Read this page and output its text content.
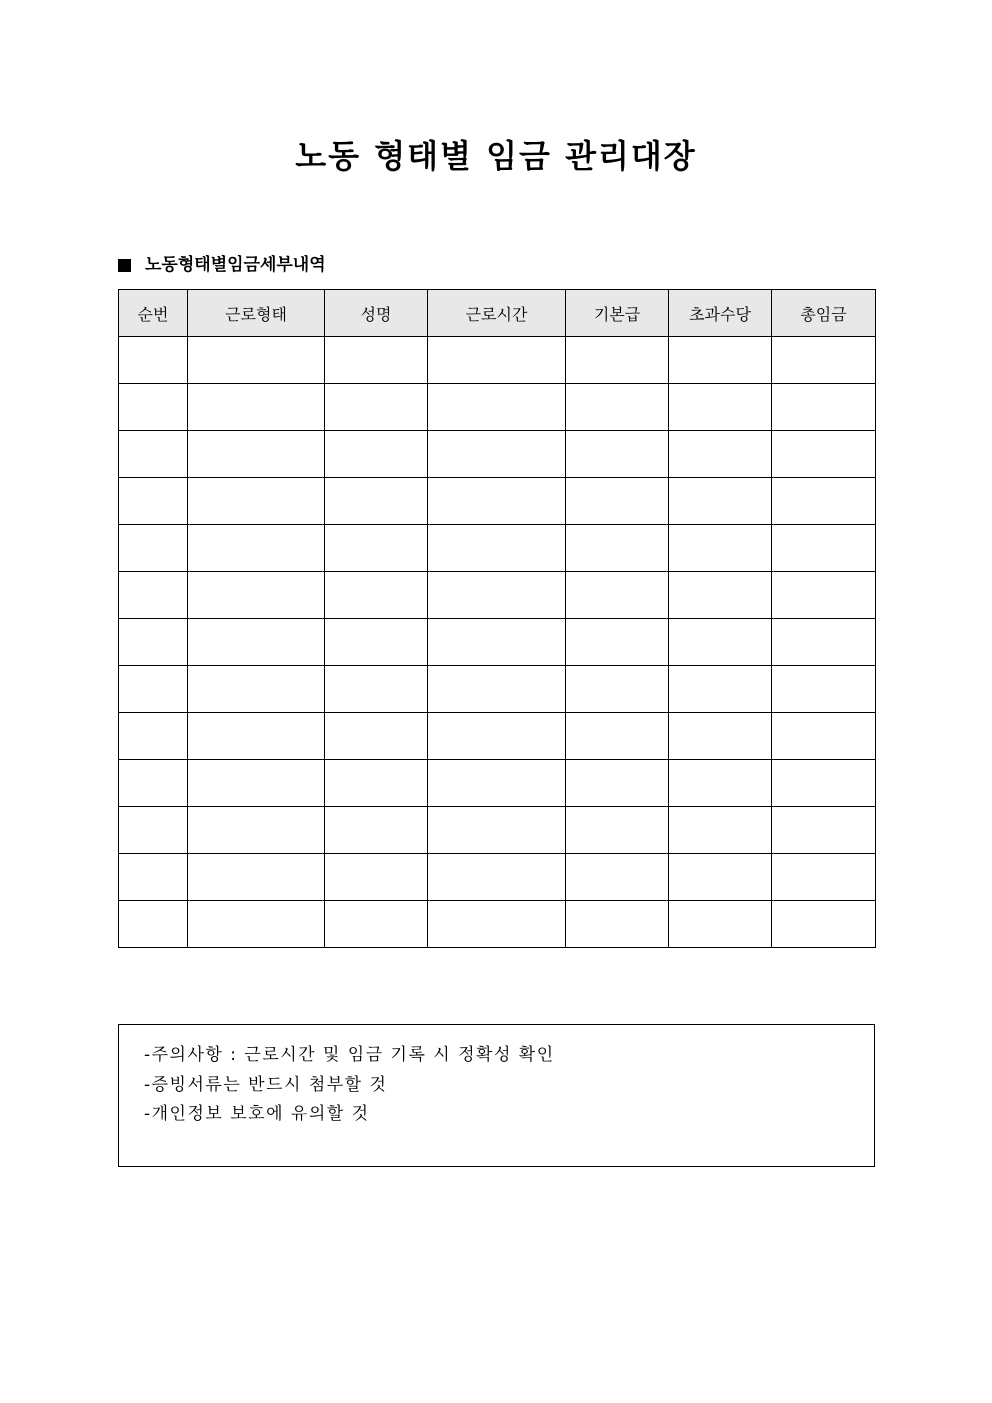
노동 형태별 임금 관리대장
노동형태별임금세부내역
순번	근로형태	성명	근로시간	기본급	초과수당	총임금

-주의사항 : 근로시간 및 임금 기록 시 정확성 확인
-증빙서류는 반드시 첨부할 것
-개인정보 보호에 유의할 것
